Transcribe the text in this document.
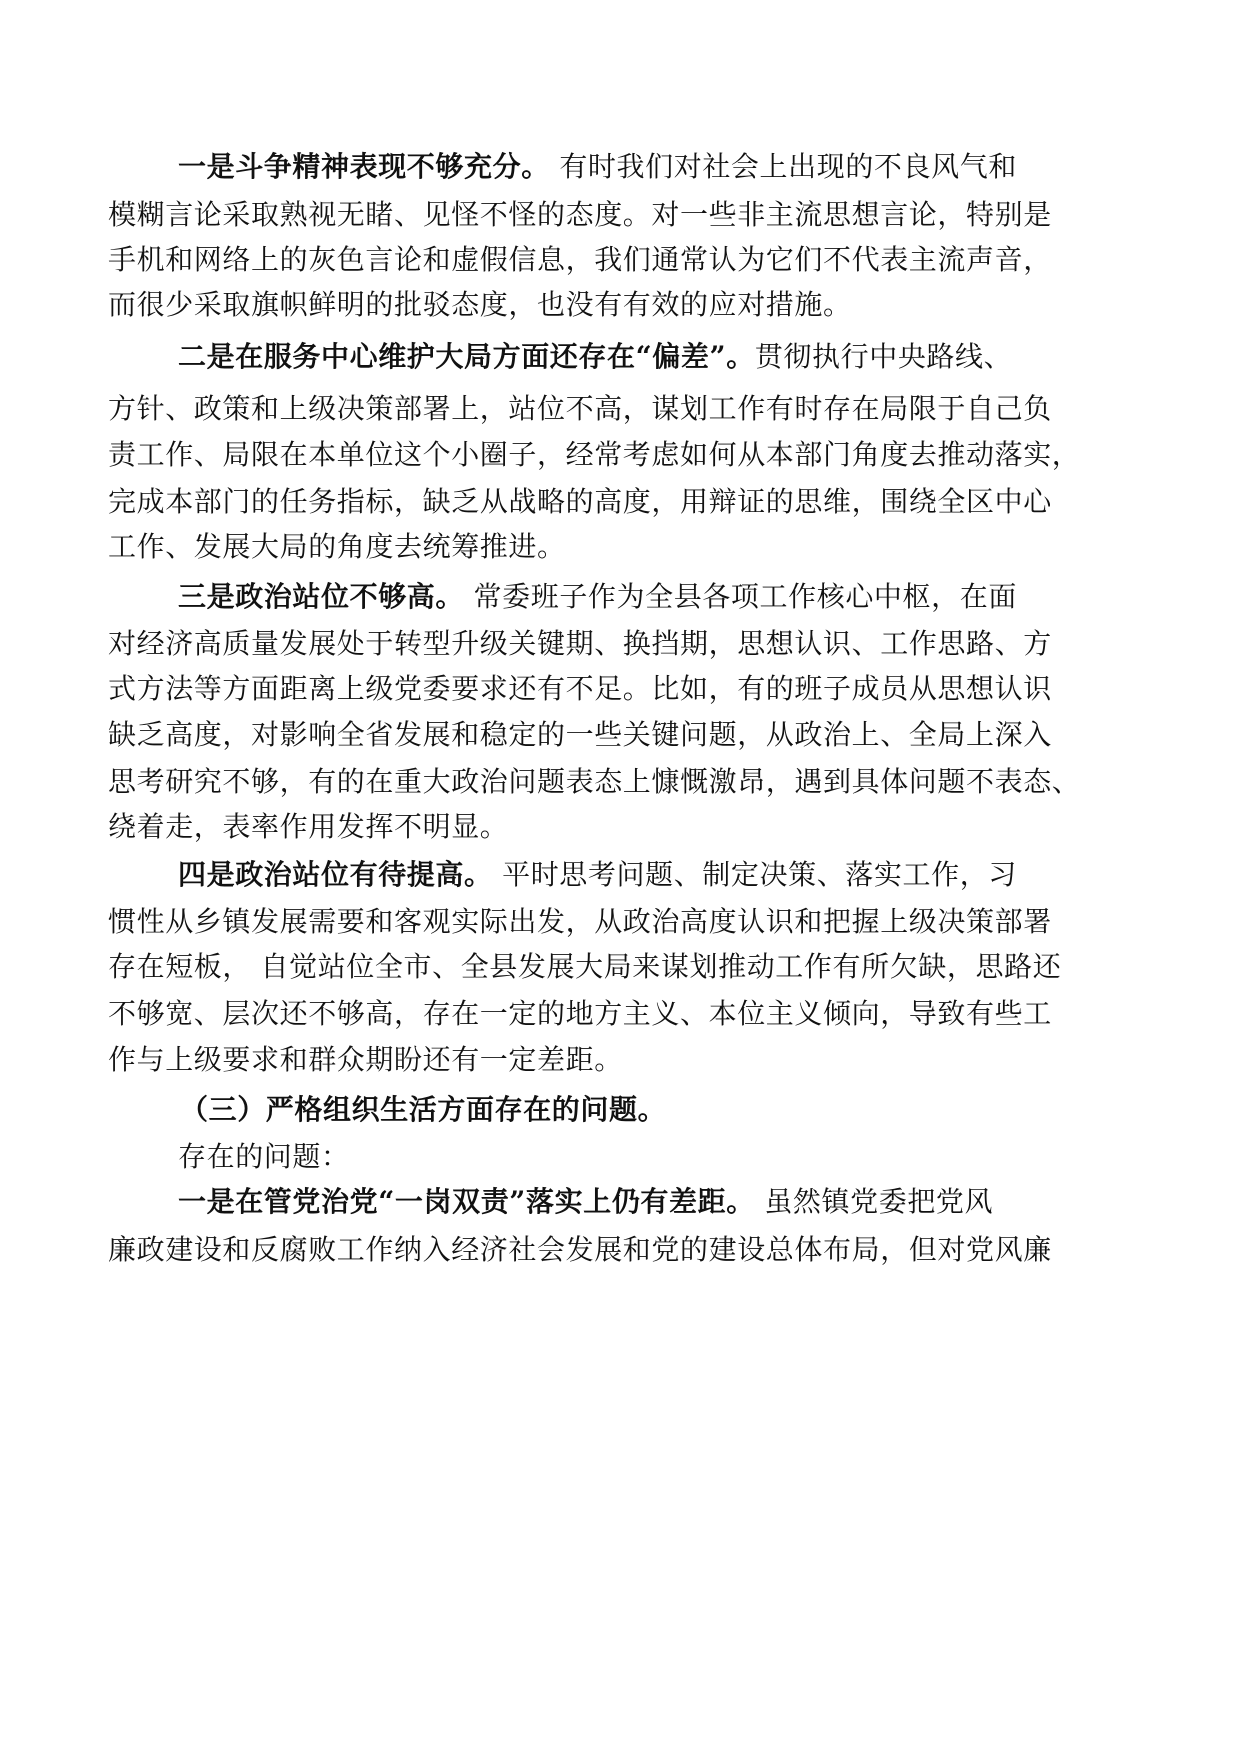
一是斗争精神表现不够充分。 有时我们对社会上出现的不良风气和
模糊言论采取熟视无睹、见怪不怪的态度。对一些非主流思想言论，特别是
手机和网络上的灰色言论和虚假信息，我们通常认为它们不代表主流声音，
而很少采取旗帜鲜明的批驳态度，也没有有效的应对措施。
二是在服务中心维护大局方面还存在“偏差”。贯彻执行中央路线、
方针、政策和上级决策部署上，站位不高，谋划工作有时存在局限于自己负
责工作、局限在本单位这个小圈子，经常考虑如何从本部门角度去推动落实，
完成本部门的任务指标，缺乏从战略的高度，用辩证的思维，围绕全区中心
工作、发展大局的角度去统筹推进。
三是政治站位不够高。 常委班子作为全县各项工作核心中枢，在面
对经济高质量发展处于转型升级关键期、换挡期，思想认识、工作思路、方
式方法等方面距离上级党委要求还有不足。比如，有的班子成员从思想认识
缺乏高度，对影响全省发展和稳定的一些关键问题，从政治上、全局上深入
思考研究不够，有的在重大政治问题表态上慷慨激昂，遇到具体问题不表态、
绕着走，表率作用发挥不明显。
四是政治站位有待提高。 平时思考问题、制定决策、落实工作，习
惯性从乡镇发展需要和客观实际出发，从政治高度认识和把握上级决策部署
存在短板， 自觉站位全市、全县发展大局来谋划推动工作有所欠缺，思路还
不够宽、层次还不够高，存在一定的地方主义、本位主义倾向，导致有些工
作与上级要求和群众期盼还有一定差距。
（三）严格组织生活方面存在的问题。
存在的问题：
一是在管党治党“一岗双责”落实上仍有差距。 虽然镇党委把党风
廉政建设和反腐败工作纳入经济社会发展和党的建设总体布局，但对党风廉
